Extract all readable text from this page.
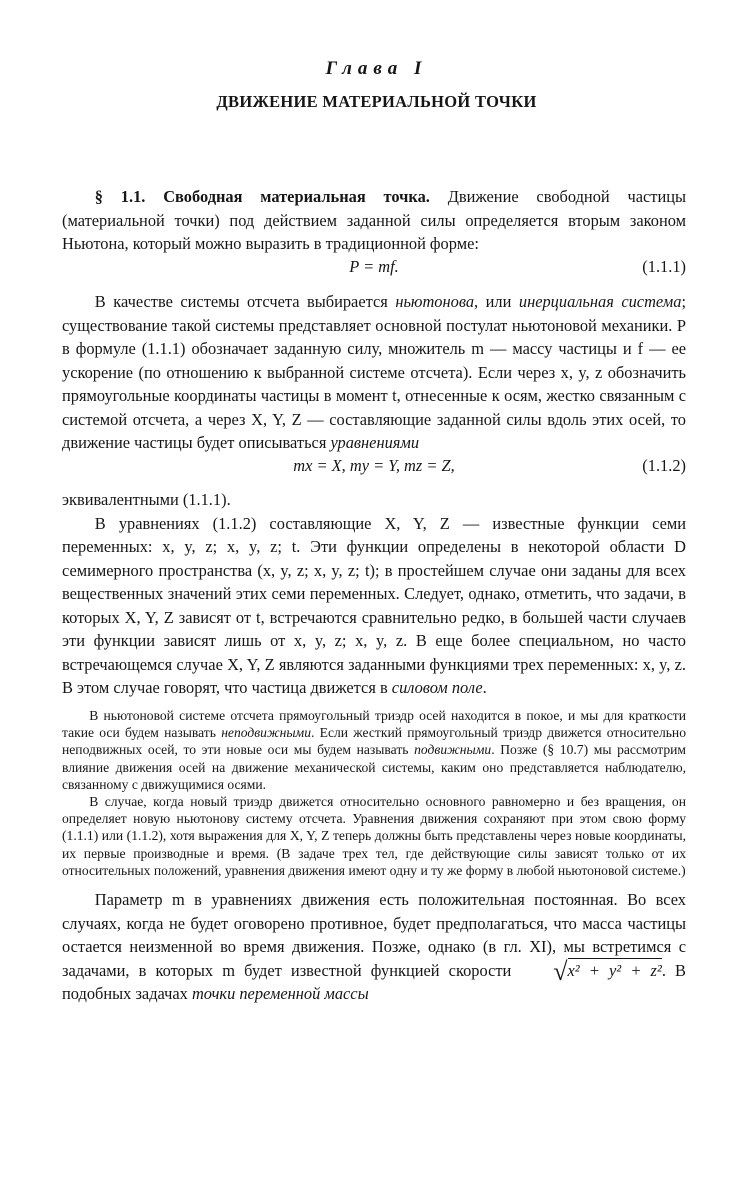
Глава I
ДВИЖЕНИЕ МАТЕРИАЛЬНОЙ ТОЧКИ

§ 1.1. Свободная материальная точка. Движение свободной частицы (материальной точки) под действием заданной силы определяется вторым законом Ньютона, который можно выразить в традиционной форме:

P = mf.	(1.1.1)

В качестве системы отсчета выбирается ньютонова, или инерциальная система; существование такой системы представляет основной постулат ньютоновой механики. P в формуле (1.1.1) обозначает заданную силу, множитель m — массу частицы и f — ее ускорение (по отношению к выбранной системе отсчета). Если через x, y, z обозначить прямоугольные координаты частицы в момент t, отнесенные к осям, жестко связанным с системой отсчета, а через X, Y, Z — составляющие заданной силы вдоль этих осей, то движение частицы будет описываться уравнениями

mx = X, my = Y, mz = Z,	(1.1.2)

эквивалентными (1.1.1).

В уравнениях (1.1.2) составляющие X, Y, Z — известные функции семи переменных: x, y, z; x, y, z; t. Эти функции определены в некоторой области D семимерного пространства (x, y, z; x, y, z; t); в простейшем случае они заданы для всех вещественных значений этих семи переменных. Следует, однако, отметить, что задачи, в которых X, Y, Z зависят от t, встречаются сравнительно редко, в большей части случаев эти функции зависят лишь от x, y, z; x, y, z. В еще более специальном, но часто встречающемся случае X, Y, Z являются заданными функциями трех переменных: x, y, z. В этом случае говорят, что частица движется в силовом поле.

В ньютоновой системе отсчета прямоугольный триэдр осей находится в покое, и мы для краткости такие оси будем называть неподвижными. Если жесткий прямоугольный триэдр движется относительно неподвижных осей, то эти новые оси мы будем называть подвижными. Позже (§ 10.7) мы рассмотрим влияние движения осей на движение механической системы, каким оно представляется наблюдателю, связанному с движущимися осями.

В случае, когда новый триэдр движется относительно основного равномерно и без вращения, он определяет новую ньютонову систему отсчета. Уравнения движения сохраняют при этом свою форму (1.1.1) или (1.1.2), хотя выражения для X, Y, Z теперь должны быть представлены через новые координаты, их первые производные и время. (В задаче трех тел, где действующие силы зависят только от их относительных положений, уравнения движения имеют одну и ту же форму в любой ньютоновой системе.)

Параметр m в уравнениях движения есть положительная постоянная. Во всех случаях, когда не будет оговорено противное, будет предполагаться, что масса частицы остается неизменной во время движения. Позже, однако (в гл. XI), мы встретимся с задачами, в которых m будет известной функцией скорости √x² + y² + z². В подобных задачах точки переменной массы
